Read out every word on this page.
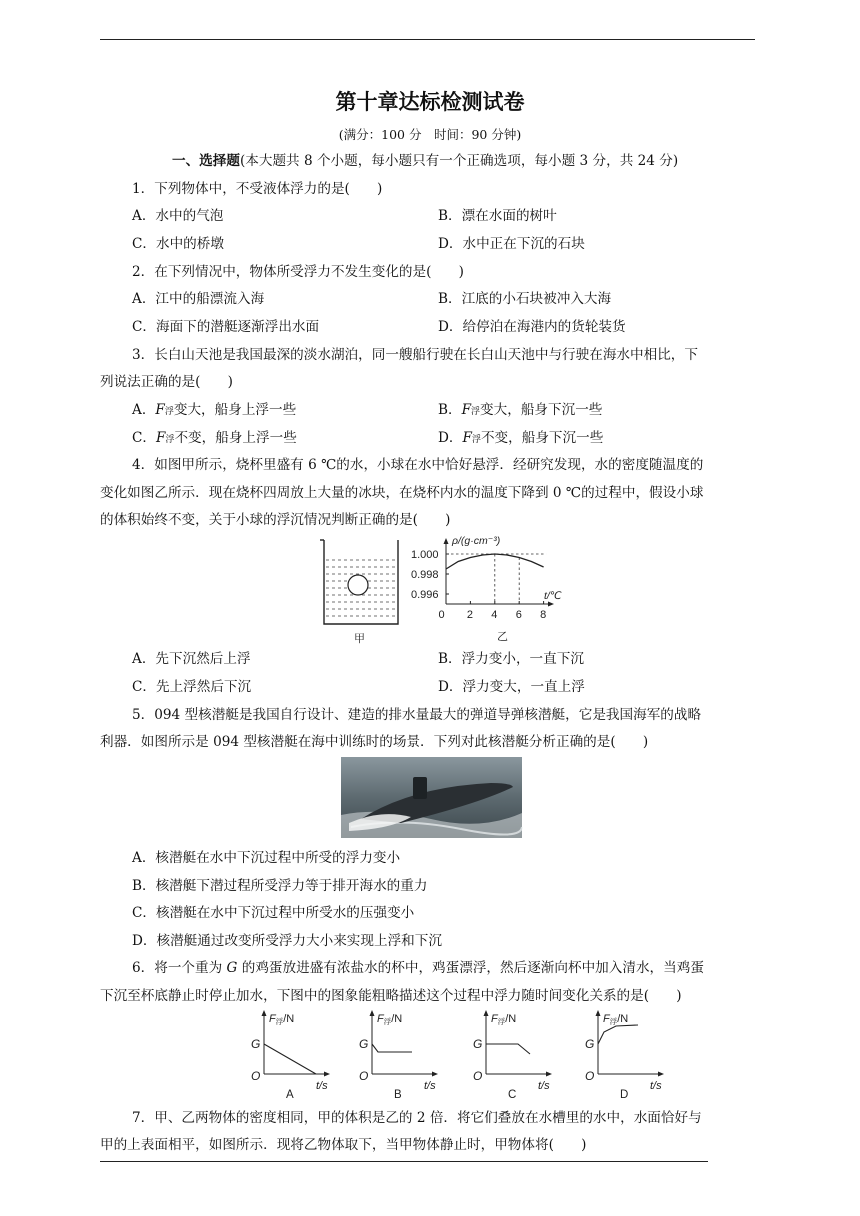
第十章达标检测试卷
(满分：100 分　时间：90 分钟)
一、选择题(本大题共 8 个小题，每小题只有一个正确选项，每小题 3 分，共 24 分)
1．下列物体中，不受液体浮力的是(　　)
A．水中的气泡	B．漂在水面的树叶
C．水中的桥墩	D．水中正在下沉的石块
2．在下列情况中，物体所受浮力不发生变化的是(　　)
A．江中的船漂流入海	B．江底的小石块被冲入大海
C．海面下的潜艇逐渐浮出水面	D．给停泊在海港内的货轮装货
3．长白山天池是我国最深的淡水湖泊，同一艘船行驶在长白山天池中与行驶在海水中相比，下
列说法正确的是(　　)
A．F浮变大，船身上浮一些	B．F浮变大，船身下沉一些
C．F浮不变，船身上浮一些	D．F浮不变，船身下沉一些
4．如图甲所示，烧杯里盛有 6 ℃的水，小球在水中恰好悬浮．经研究发现，水的密度随温度的
变化如图乙所示．现在烧杯四周放上大量的冰块，在烧杯内水的温度下降到 0 ℃的过程中，假设小球
的体积始终不变，关于小球的浮沉情况判断正确的是(　　)
甲
ρ/(g·cm⁻³)
t/℃
乙
0 2 4 6 8
1.000
0.998
0.996
A．先下沉然后上浮	B．浮力变小，一直下沉
C．先上浮然后下沉	D．浮力变大，一直上浮
5．094 型核潜艇是我国自行设计、建造的排水量最大的弹道导弹核潜艇，它是我国海军的战略
利器．如图所示是 094 型核潜艇在海中训练时的场景．下列对此核潜艇分析正确的是(　　)
A．核潜艇在水中下沉过程中所受的浮力变小
B．核潜艇下潜过程所受浮力等于排开海水的重力
C．核潜艇在水中下沉过程中所受水的压强变小
D．核潜艇通过改变所受浮力大小来实现上浮和下沉
6．将一个重为 G 的鸡蛋放进盛有浓盐水的杯中，鸡蛋漂浮，然后逐渐向杯中加入清水，当鸡蛋
下沉至杯底静止时停止加水，下图中的图象能粗略描述这个过程中浮力随时间变化关系的是(　　)
F浮/N
G
O
t/s
A
F浮/N
G
O
t/s
B
F浮/N
G
O
t/s
C
F浮/N
G
O
t/s
D
7．甲、乙两物体的密度相同，甲的体积是乙的 2 倍．将它们叠放在水槽里的水中，水面恰好与
甲的上表面相平，如图所示．现将乙物体取下，当甲物体静止时，甲物体将(　　)
